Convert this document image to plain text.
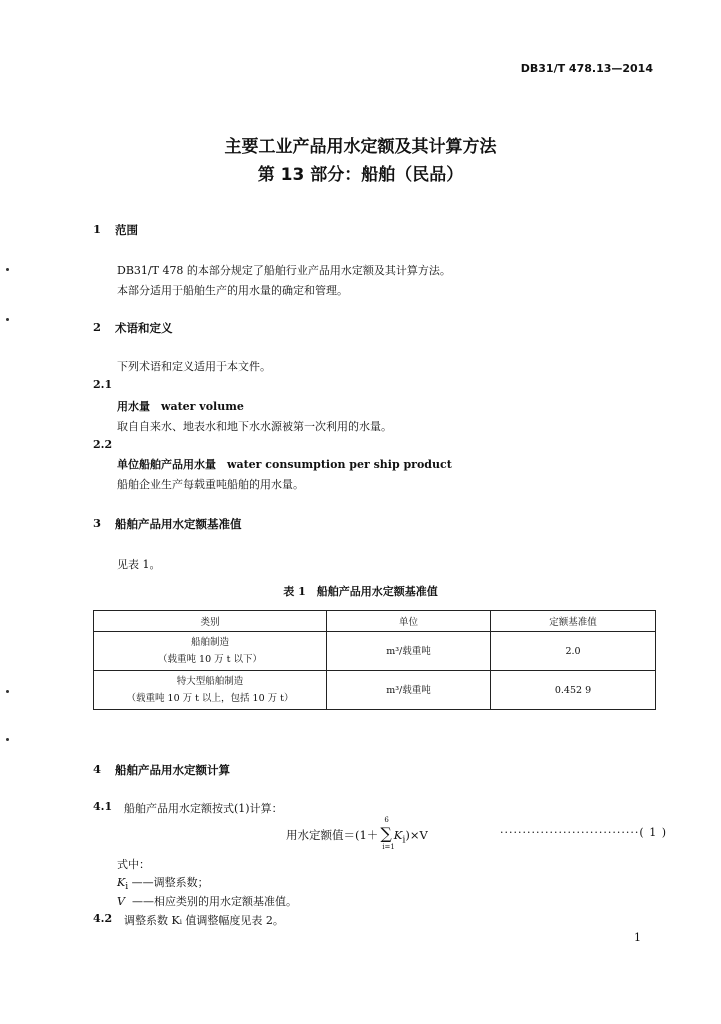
DB31/T 478.13—2014
主要工业产品用水定额及其计算方法
第 13 部分：船舶（民品）
1 范围
DB31/T 478 的本部分规定了船舶行业产品用水定额及其计算方法。
本部分适用于船舶生产的用水量的确定和管理。
2 术语和定义
下列术语和定义适用于本文件。
2.1
用水量　 water volume
取自自来水、地表水和地下水水源被第一次利用的水量。
2.2
单位船舶产品用水量　 water consumption per ship product
船舶企业生产每载重吨船舶的用水量。
3 船舶产品用水定额基准值
见表 1。
表 1　船舶产品用水定额基准值
类别	单位	定额基准值
船舶制造
（载重吨 10 万 t 以下）	m³/载重吨	2.0
特大型船舶制造
（载重吨 10 万 t 以上，包括 10 万 t）	m³/载重吨	0.452 9
4 船舶产品用水定额计算
4.1 船舶产品用水定额按式(1)计算：
用水定额值＝(1＋ ∑
6
i=1
$K_i)\times V$	·······························( 1 )
式中：
$K_i$ ——调整系数；
V ——相应类别的用水定额基准值。
4.2 调整系数 Kᵢ 值调整幅度见表 2。
1
